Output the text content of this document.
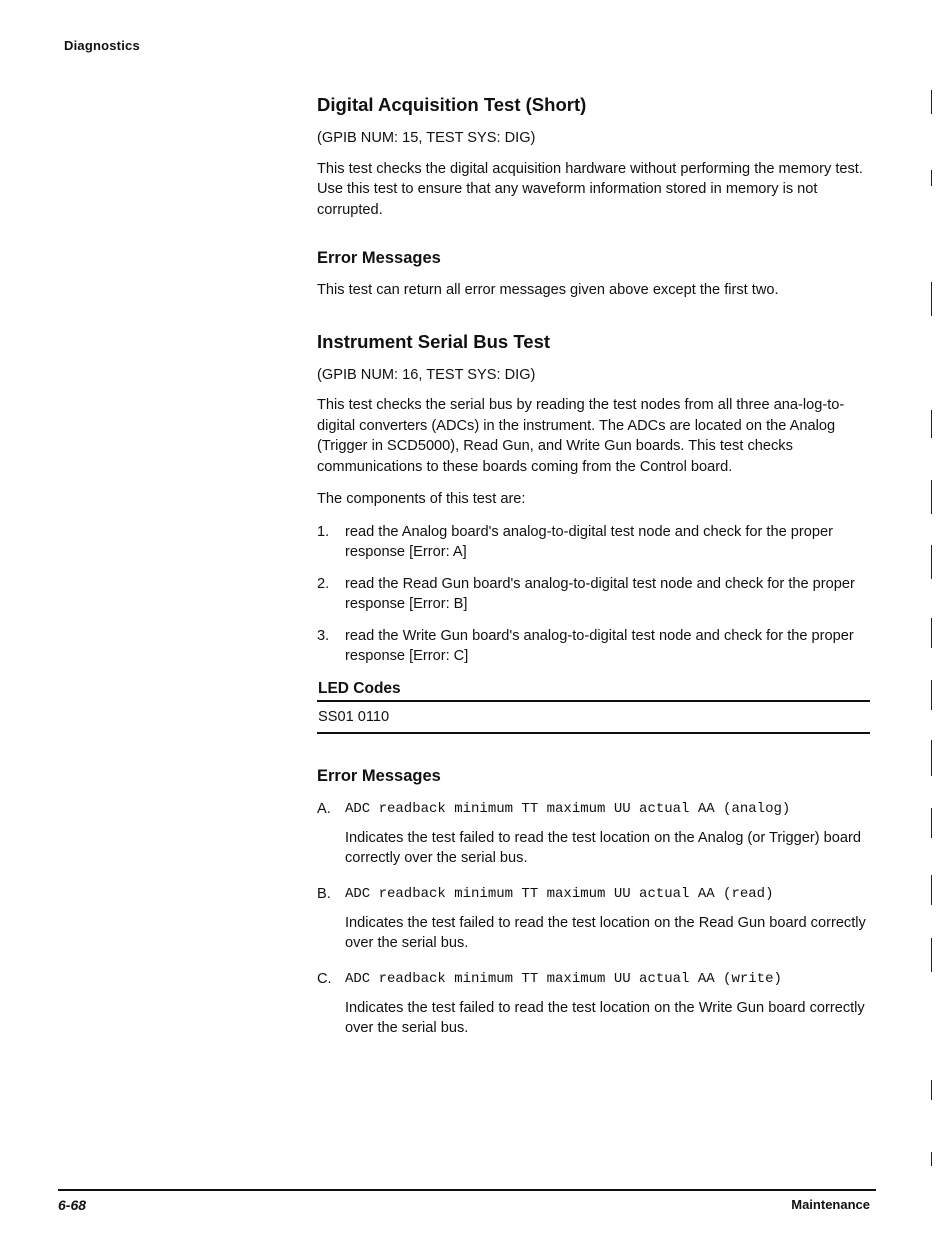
Diagnostics
Digital Acquisition Test (Short)

(GPIB NUM: 15, TEST SYS: DIG)

This test checks the digital acquisition hardware without performing the memory test. Use this test to ensure that any waveform information stored in memory is not corrupted.

Error Messages

This test can return all error messages given above except the first two.

Instrument Serial Bus Test

(GPIB NUM: 16, TEST SYS: DIG)

This test checks the serial bus by reading the test nodes from all three ana-log-to-digital converters (ADCs) in the instrument. The ADCs are located on the Analog (Trigger in SCD5000), Read Gun, and Write Gun boards. This test checks communications to these boards coming from the Control board.

The components of this test are:

1. read the Analog board's analog-to-digital test node and check for the proper response [Error: A]
2. read the Read Gun board's analog-to-digital test node and check for the proper response [Error: B]
3. read the Write Gun board's analog-to-digital test node and check for the proper response [Error: C]
LED Codes
SS01 0110
Error Messages
A. ADC readback minimum TT maximum UU actual AA (analog)

Indicates the test failed to read the test location on the Analog (or Trigger) board correctly over the serial bus.

B. ADC readback minimum TT maximum UU actual AA (read)

Indicates the test failed to read the test location on the Read Gun board correctly over the serial bus.

C. ADC readback minimum TT maximum UU actual AA (write)

Indicates the test failed to read the test location on the Write Gun board correctly over the serial bus.

6-68	Maintenance
